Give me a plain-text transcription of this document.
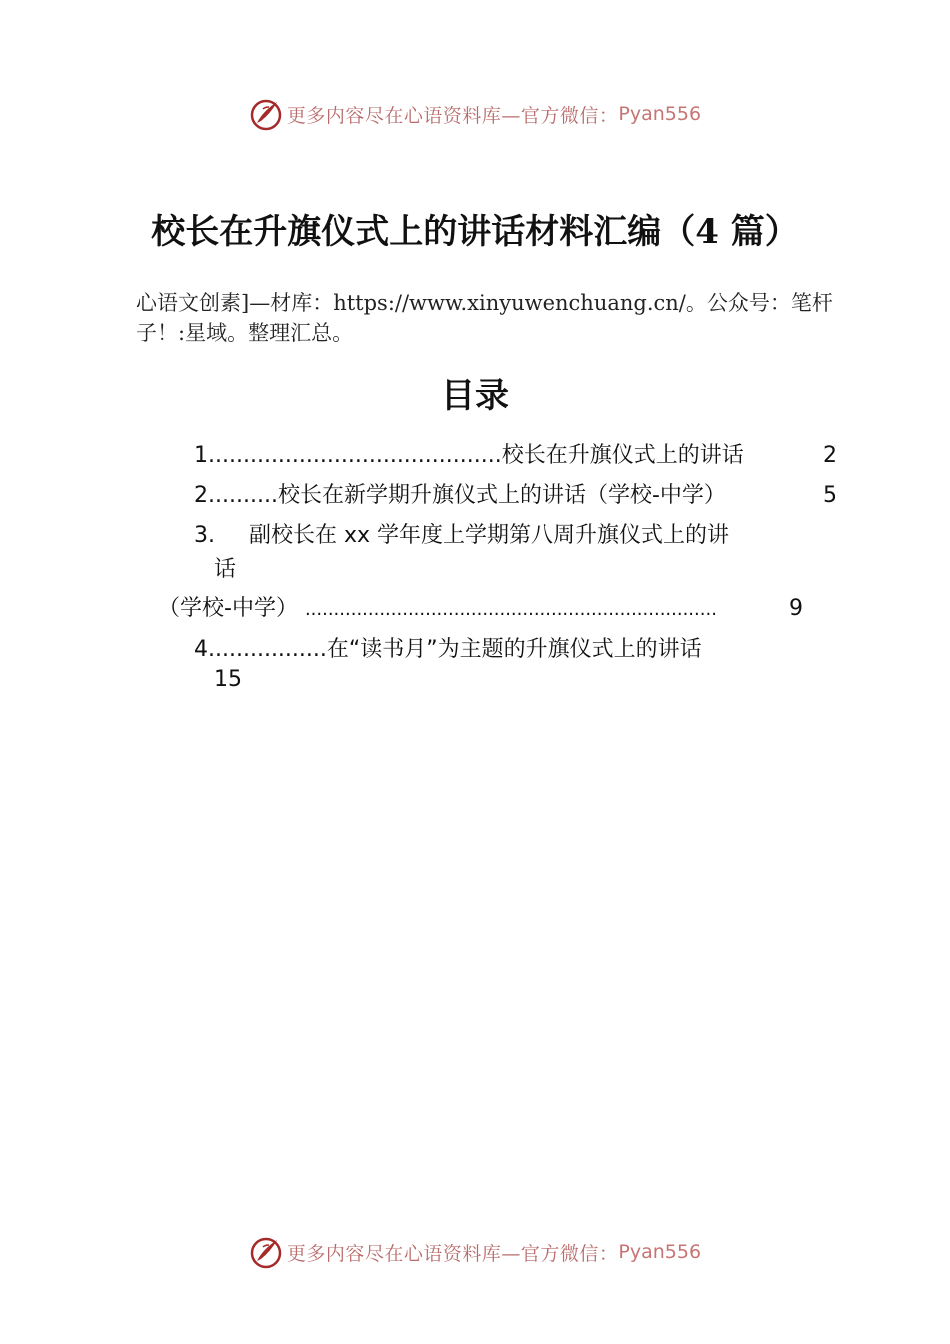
更多内容尽在心语资料库—官方微信： Pyan556
校长在升旗仪式上的讲话材料汇编（4 篇）
心语文创素]—材库：https://www.xinyuwenchuang.cn/。公众号：笔杆子！:星域。整理汇总。
目录
1..........................................校长在升旗仪式上的讲话	2
2..........校长在新学期升旗仪式上的讲话（学校-中学）	5
3. 副校长在 xx 学年度上学期第八周升旗仪式上的讲
话
（学校-中学） ........................................................................	9
4.................在“读书月”为主题的升旗仪式上的讲话
15
更多内容尽在心语资料库—官方微信： Pyan556
